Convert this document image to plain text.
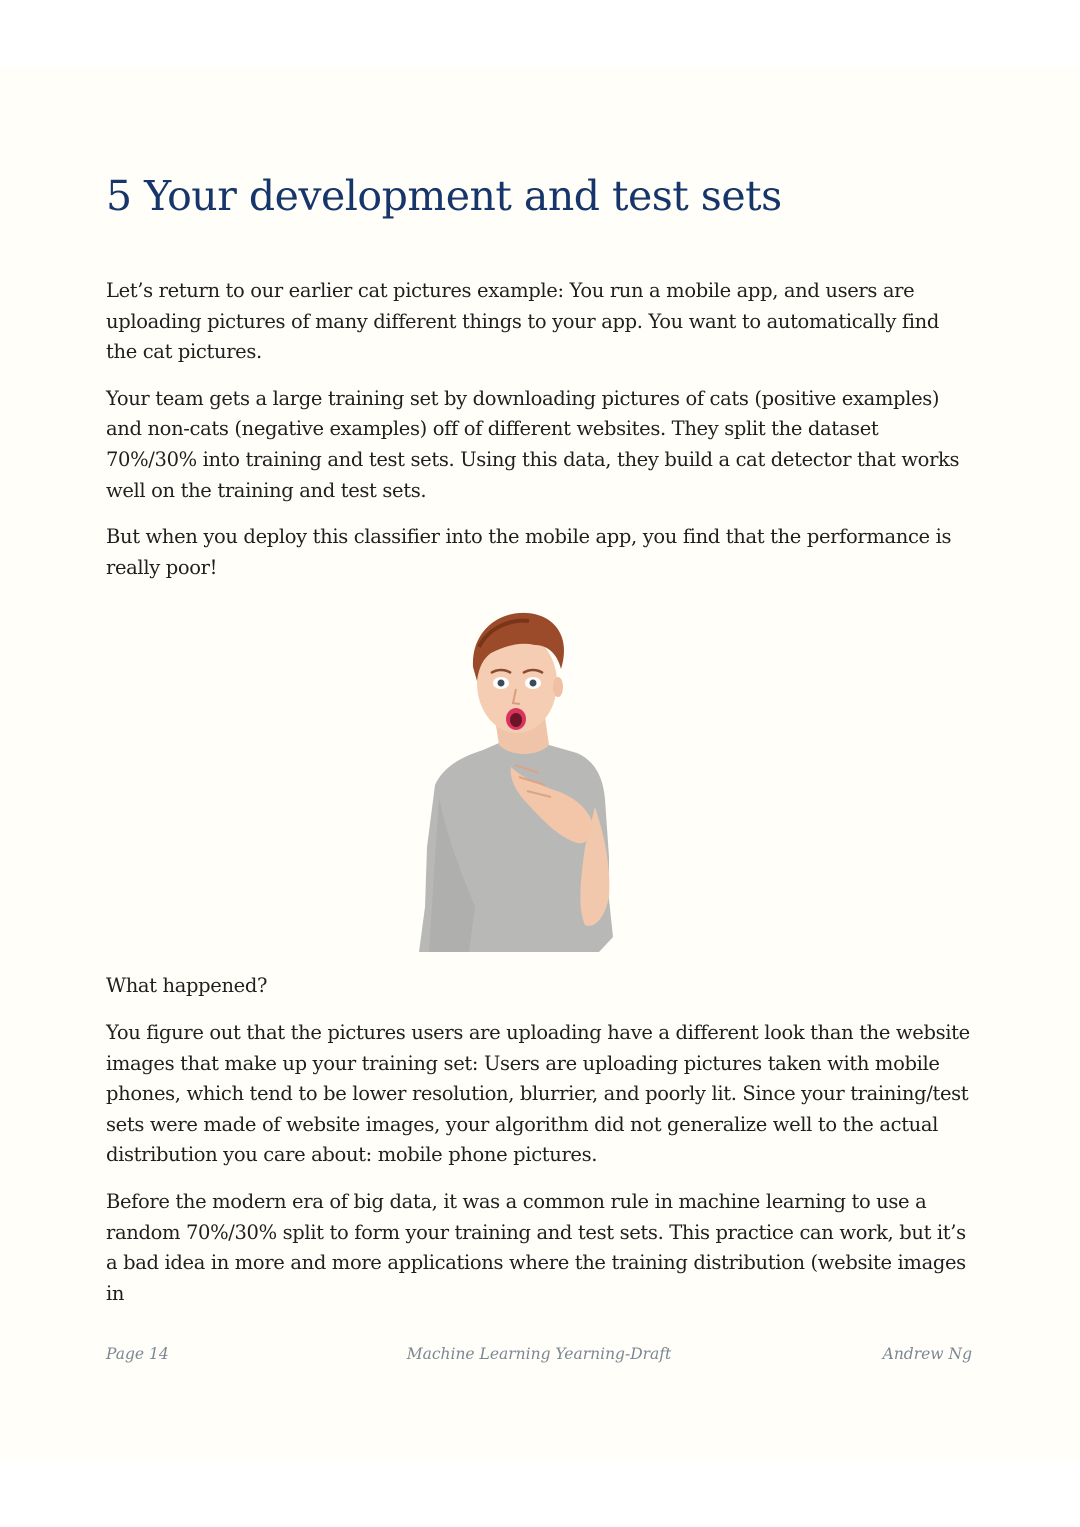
5 Your development and test sets

Let’s return to our earlier cat pictures example: You run a mobile app, and users are uploading pictures of many different things to your app. You want to automatically find the cat pictures.

Your team gets a large training set by downloading pictures of cats (positive examples) and non-cats (negative examples) off of different websites. They split the dataset 70%/30% into training and test sets. Using this data, they build a cat detector that works well on the training and test sets.

But when you deploy this classifier into the mobile app, you find that the performance is really poor!

What happened?

You figure out that the pictures users are uploading have a different look than the website images that make up your training set: Users are uploading pictures taken with mobile phones, which tend to be lower resolution, blurrier, and poorly lit. Since your training/test sets were made of website images, your algorithm did not generalize well to the actual distribution you care about: mobile phone pictures.

Before the modern era of big data, it was a common rule in machine learning to use a random 70%/30% split to form your training and test sets. This practice can work, but it’s a bad idea in more and more applications where the training distribution (website images in

Page 14	Machine Learning Yearning-Draft	Andrew Ng
